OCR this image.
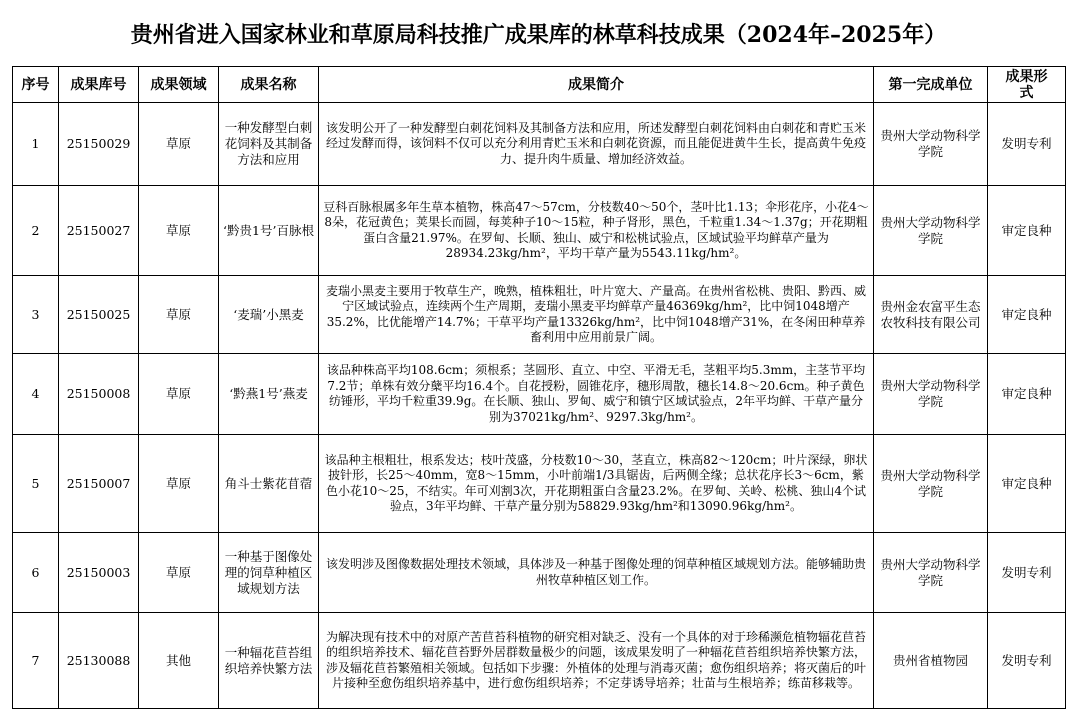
贵州省进入国家林业和草原局科技推广成果库的林草科技成果（2024年–2025年）
序号	成果库号	成果领域	成果名称	成果简介	第一完成单位	成果形式
1	25150029	草原	一种发酵型白刺花饲料及其制备方法和应用	该发明公开了一种发酵型白刺花饲料及其制备方法和应用，所述发酵型白刺花饲料由白刺花和青贮玉米经过发酵而得，该饲料不仅可以充分利用青贮玉米和白刺花资源，而且能促进黄牛生长，提高黄牛免疫力、提升肉牛质量、增加经济效益。	贵州大学动物科学学院	发明专利
2	25150027	草原	‘黔贵1号’百脉根	豆科百脉根属多年生草本植物，株高47～57cm，分枝数40～50个，茎叶比1.13；伞形花序，小花4～8朵，花冠黄色；荚果长而圆，每荚种子10～15粒，种子肾形，黑色，千粒重1.34～1.37g；开花期粗蛋白含量21.97%。在罗甸、长顺、独山、威宁和松桃试验点，区域试验平均鲜草产量为28934.23kg/hm²，平均干草产量为5543.11kg/hm²。	贵州大学动物科学学院	审定良种
3	25150025	草原	‘麦瑞’小黑麦	麦瑞小黑麦主要用于牧草生产，晚熟，植株粗壮，叶片宽大、产量高。在贵州省松桃、贵阳、黔西、威宁区域试验点，连续两个生产周期，麦瑞小黑麦平均鲜草产量46369kg/hm²，比中饲1048增产35.2%，比优能增产14.7%；干草平均产量13326kg/hm²，比中饲1048增产31%，在冬闲田种草养畜利用中应用前景广阔。	贵州金农富平生态农牧科技有限公司	审定良种
4	25150008	草原	‘黔燕1号’燕麦	该品种株高平均108.6cm；须根系；茎圆形、直立、中空、平滑无毛，茎粗平均5.3mm，主茎节平均7.2节；单株有效分蘖平均16.4个。自花授粉，圆锥花序，穗形周散，穗长14.8～20.6cm。种子黄色纺锤形，平均千粒重39.9g。在长顺、独山、罗甸、威宁和镇宁区域试验点，2年平均鲜、干草产量分别为37021kg/hm²、9297.3kg/hm²。	贵州大学动物科学学院	审定良种
5	25150007	草原	角斗士紫花苜蓿	该品种主根粗壮，根系发达；枝叶茂盛，分枝数10～30，茎直立，株高82～120cm；叶片深绿，卵状披针形，长25～40mm，宽8～15mm，小叶前端1/3具锯齿，后两侧全缘；总状花序长3～6cm，紫色小花10～25，不结实。年可刈割3次，开花期粗蛋白含量23.2%。在罗甸、关岭、松桃、独山4个试验点，3年平均鲜、干草产量分别为58829.93kg/hm²和13090.96kg/hm²。	贵州大学动物科学学院	审定良种
6	25150003	草原	一种基于图像处理的饲草种植区域规划方法	该发明涉及图像数据处理技术领域，具体涉及一种基于图像处理的饲草种植区域规划方法。能够辅助贵州牧草种植区划工作。	贵州大学动物科学学院	发明专利
7	25130088	其他	一种辐花苣苔组织培养快繁方法	为解决现有技术中的对原产苦苣苔科植物的研究相对缺乏、没有一个具体的对于珍稀濒危植物辐花苣苔的组织培养技术、辐花苣苔野外居群数量极少的问题，该成果发明了一种辐花苣苔组织培养快繁方法，涉及辐花苣苔繁殖相关领域。包括如下步骤：外植体的处理与消毒灭菌；愈伤组织培养；将灭菌后的叶片接种至愈伤组织培养基中，进行愈伤组织培养；不定芽诱导培养；壮苗与生根培养；练苗移栽等。	贵州省植物园	发明专利
